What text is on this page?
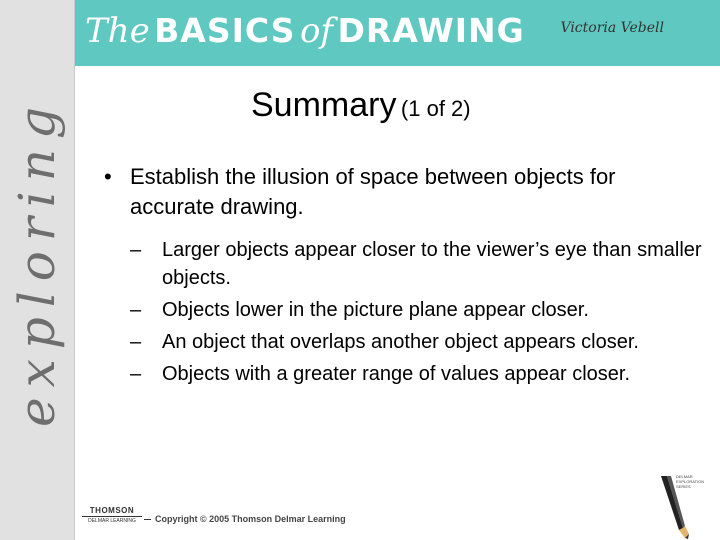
exploring
The BASICS of DRAWING	Victoria Vebell
Summary (1 of 2)
• Establish the illusion of space between objects for accurate drawing.
– Larger objects appear closer to the viewer’s eye than smaller objects.
– Objects lower in the picture plane appear closer.
– An object that overlaps another object appears closer.
– Objects with a greater range of values appear closer.
THOMSON
DELMAR LEARNING	Copyright © 2005 Thomson Delmar Learning
DELMAR
EXPLORATION
SERIES
